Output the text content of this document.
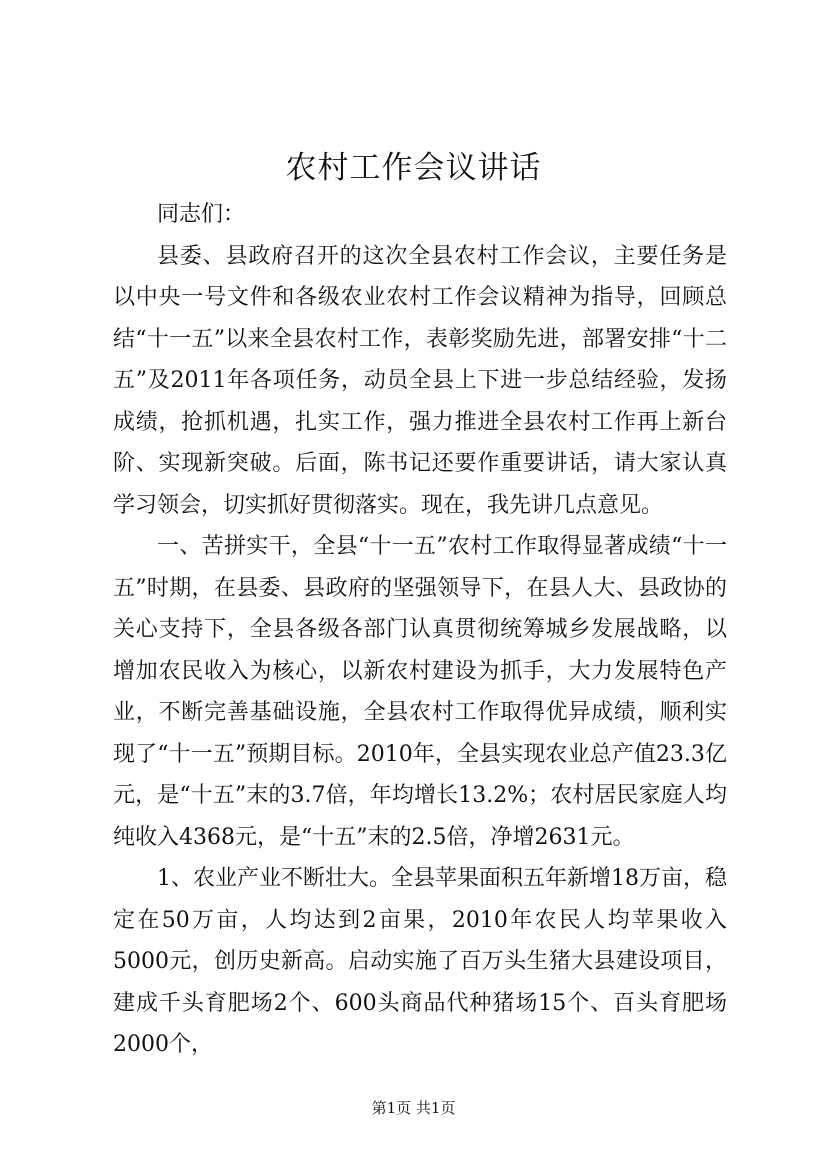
农村工作会议讲话

同志们：

县委、县政府召开的这次全县农村工作会议，主要任务是以中央一号文件和各级农业农村工作会议精神为指导，回顾总结“十一五”以来全县农村工作，表彰奖励先进，部署安排“十二五”及2011年各项任务，动员全县上下进一步总结经验，发扬成绩，抢抓机遇，扎实工作，强力推进全县农村工作再上新台阶、实现新突破。后面，陈书记还要作重要讲话，请大家认真学习领会，切实抓好贯彻落实。现在，我先讲几点意见。

一、苦拼实干，全县“十一五”农村工作取得显著成绩“十一五”时期，在县委、县政府的坚强领导下，在县人大、县政协的关心支持下，全县各级各部门认真贯彻统筹城乡发展战略，以增加农民收入为核心，以新农村建设为抓手，大力发展特色产业，不断完善基础设施，全县农村工作取得优异成绩，顺利实现了“十一五”预期目标。2010年，全县实现农业总产值23.3亿元，是“十五”末的3.7倍，年均增长13.2%；农村居民家庭人均纯收入4368元，是“十五”末的2.5倍，净增2631元。

1、农业产业不断壮大。全县苹果面积五年新增18万亩，稳定在50万亩，人均达到2亩果，2010年农民人均苹果收入5000元，创历史新高。启动实施了百万头生猪大县建设项目，建成千头育肥场2个、600头商品代种猪场15个、百头育肥场2000个，

第1页 共1页
